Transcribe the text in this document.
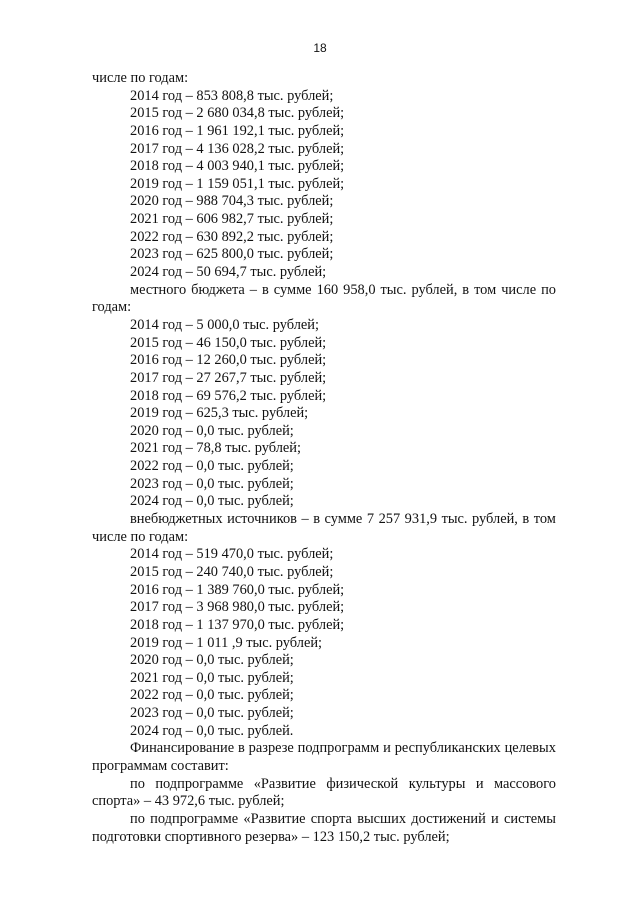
18
числе по годам:
2014 год – 853 808,8 тыс. рублей;
2015 год – 2 680 034,8 тыс. рублей;
2016 год – 1 961 192,1 тыс. рублей;
2017 год – 4 136 028,2 тыс. рублей;
2018 год – 4 003 940,1 тыс. рублей;
2019 год – 1 159 051,1 тыс. рублей;
2020 год – 988 704,3 тыс. рублей;
2021 год – 606 982,7 тыс. рублей;
2022 год – 630 892,2 тыс. рублей;
2023 год – 625 800,0 тыс. рублей;
2024 год – 50 694,7 тыс. рублей;
местного бюджета – в сумме 160 958,0 тыс. рублей, в том числе по
годам:
2014 год – 5 000,0 тыс. рублей;
2015 год – 46 150,0 тыс. рублей;
2016 год – 12 260,0 тыс. рублей;
2017 год – 27 267,7 тыс. рублей;
2018 год – 69 576,2 тыс. рублей;
2019 год – 625,3 тыс. рублей;
2020 год – 0,0 тыс. рублей;
2021 год – 78,8 тыс. рублей;
2022 год – 0,0 тыс. рублей;
2023 год – 0,0 тыс. рублей;
2024 год – 0,0 тыс. рублей;
внебюджетных источников – в сумме 7 257 931,9 тыс. рублей, в том
числе по годам:
2014 год – 519 470,0 тыс. рублей;
2015 год – 240 740,0 тыс. рублей;
2016 год – 1 389 760,0 тыс. рублей;
2017 год – 3 968 980,0 тыс. рублей;
2018 год – 1 137 970,0 тыс. рублей;
2019 год – 1 011 ,9 тыс. рублей;
2020 год – 0,0 тыс. рублей;
2021 год – 0,0 тыс. рублей;
2022 год – 0,0 тыс. рублей;
2023 год – 0,0 тыс. рублей;
2024 год – 0,0 тыс. рублей.
Финансирование в разрезе подпрограмм и республиканских целевых
программам составит:
по подпрограмме «Развитие физической культуры и массового
спорта» – 43 972,6 тыс. рублей;
по подпрограмме «Развитие спорта высших достижений и системы
подготовки спортивного резерва» – 123 150,2 тыс. рублей;
